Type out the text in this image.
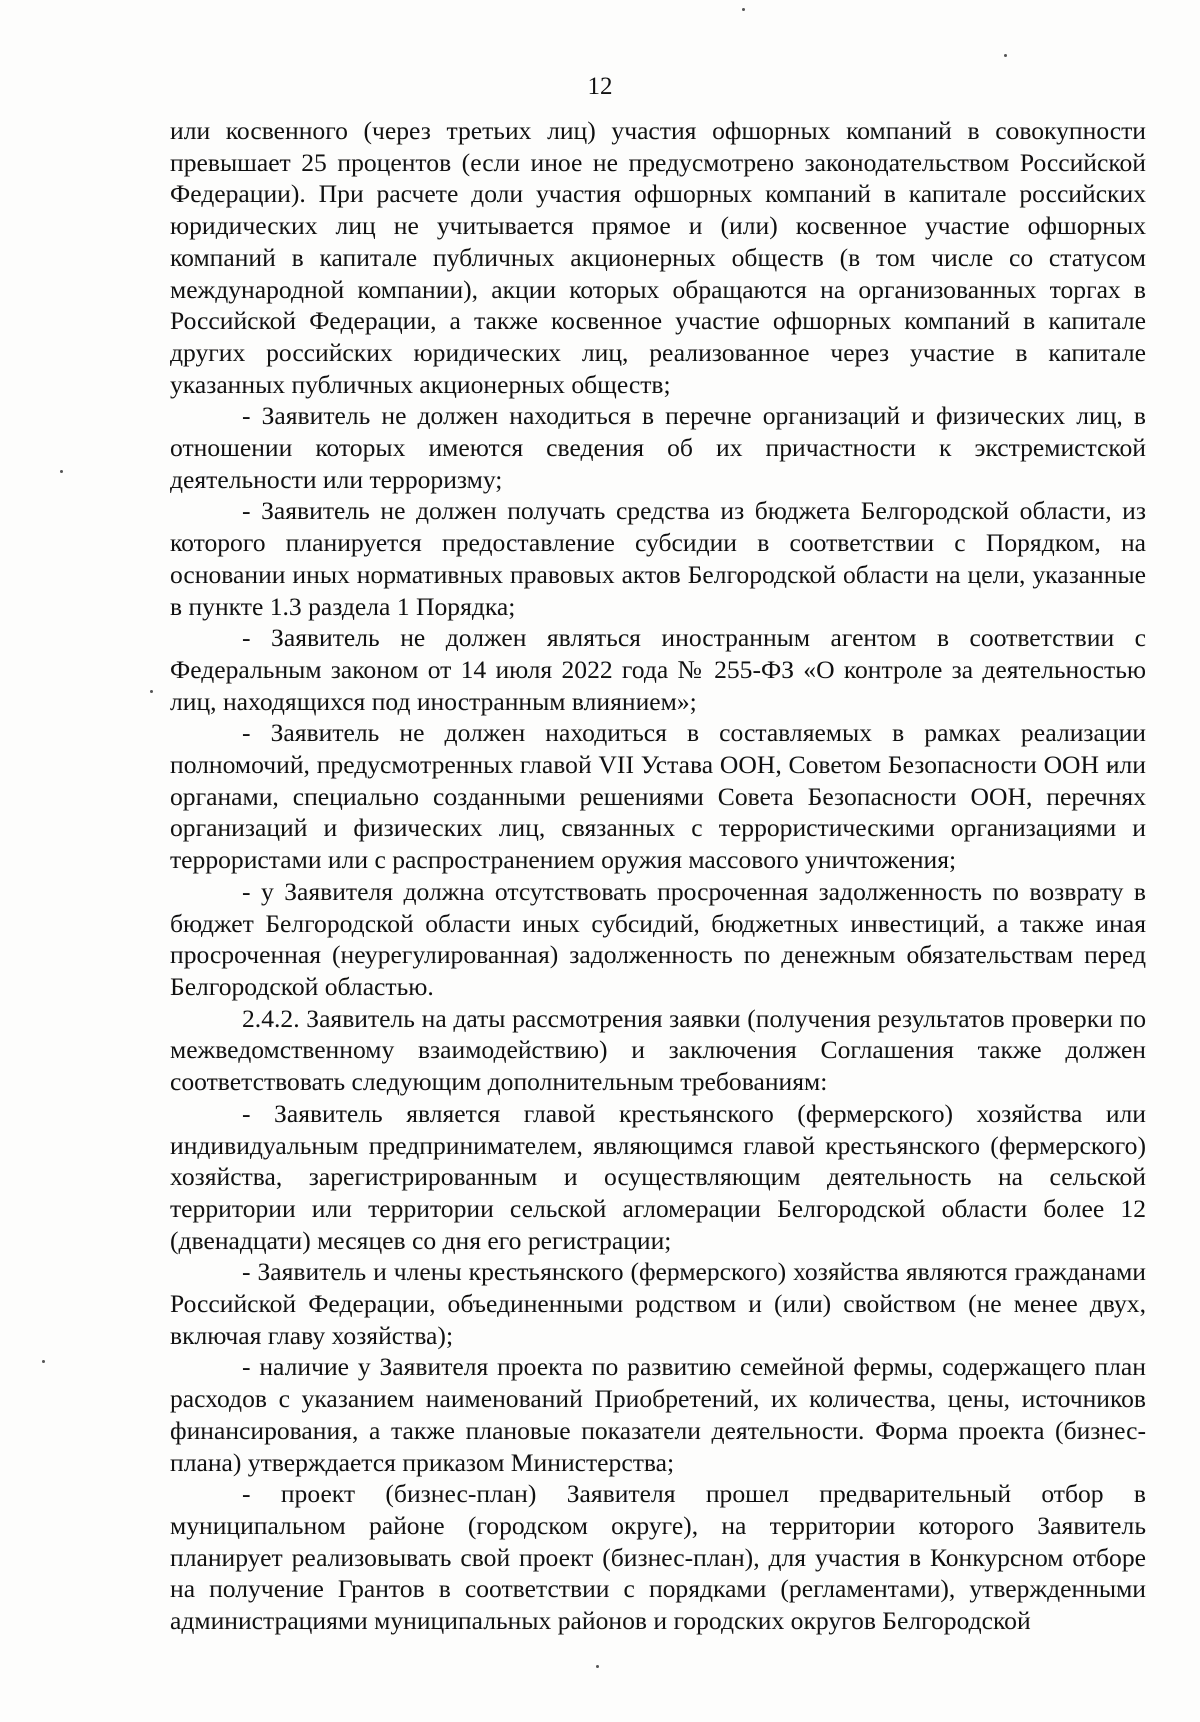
12

или косвенного (через третьих лиц) участия офшорных компаний в совокупности превышает 25 процентов (если иное не предусмотрено законодательством Российской Федерации). При расчете доли участия офшорных компаний в капитале российских юридических лиц не учитывается прямое и (или) косвенное участие офшорных компаний в капитале публичных акционерных обществ (в том числе со статусом международной компании), акции которых обращаются на организованных торгах в Российской Федерации, а также косвенное участие офшорных компаний в капитале других российских юридических лиц, реализованное через участие в капитале указанных публичных акционерных обществ;

- Заявитель не должен находиться в перечне организаций и физических лиц, в отношении которых имеются сведения об их причастности к экстремистской деятельности или терроризму;

- Заявитель не должен получать средства из бюджета Белгородской области, из которого планируется предоставление субсидии в соответствии с Порядком, на основании иных нормативных правовых актов Белгородской области на цели, указанные в пункте 1.3 раздела 1 Порядка;

- Заявитель не должен являться иностранным агентом в соответствии с Федеральным законом от 14 июля 2022 года № 255-ФЗ «О контроле за деятельностью лиц, находящихся под иностранным влиянием»;

- Заявитель не должен находиться в составляемых в рамках реализации полномочий, предусмотренных главой VII Устава ООН, Советом Безопасности ООН или органами, специально созданными решениями Совета Безопасности ООН, перечнях организаций и физических лиц, связанных с террористическими организациями и террористами или с распространением оружия массового уничтожения;

- у Заявителя должна отсутствовать просроченная задолженность по возврату в бюджет Белгородской области иных субсидий, бюджетных инвестиций, а также иная просроченная (неурегулированная) задолженность по денежным обязательствам перед Белгородской областью.

2.4.2. Заявитель на даты рассмотрения заявки (получения результатов проверки по межведомственному взаимодействию) и заключения Соглашения также должен соответствовать следующим дополнительным требованиям:

- Заявитель является главой крестьянского (фермерского) хозяйства или индивидуальным предпринимателем, являющимся главой крестьянского (фермерского) хозяйства, зарегистрированным и осуществляющим деятельность на сельской территории или территории сельской агломерации Белгородской области более 12 (двенадцати) месяцев со дня его регистрации;

- Заявитель и члены крестьянского (фермерского) хозяйства являются гражданами Российской Федерации, объединенными родством и (или) свойством (не менее двух, включая главу хозяйства);

- наличие у Заявителя проекта по развитию семейной фермы, содержащего план расходов с указанием наименований Приобретений, их количества, цены, источников финансирования, а также плановые показатели деятельности. Форма проекта (бизнес-плана) утверждается приказом Министерства;

- проект (бизнес-план) Заявителя прошел предварительный отбор в муниципальном районе (городском округе), на территории которого Заявитель планирует реализовывать свой проект (бизнес-план), для участия в Конкурсном отборе на получение Грантов в соответствии с порядками (регламентами), утвержденными администрациями муниципальных районов и городских округов Белгородской
